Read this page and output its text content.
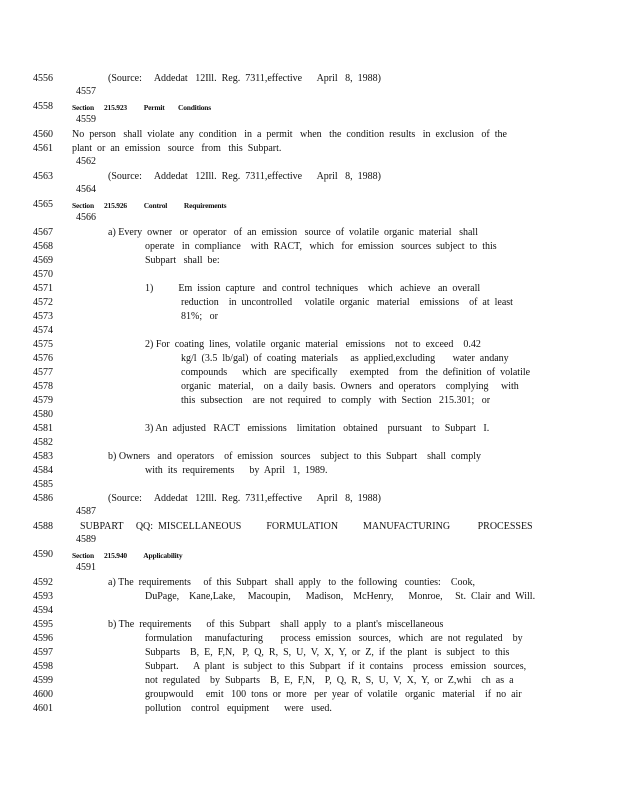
4556	(Source:     Addedat   12Ill.  Reg.  7311,effective      April   8,  1988)
4557
4558	Section      215.923          Permit        Conditions
4559
4560 No  person   shall  violate  any  condition   in  a  permit   when   the  condition  results   in  exclusion   of  the
4561 plant  or  an  emission   source   from   this  Subpart.
4562
4563	(Source:     Addedat   12Ill.  Reg.  7311,effective      April   8,  1988)
4564
4565	Section      215.926          Control          Requirements
4566
4567	a) Every  owner   or  operator   of  an  emission   source  of  volatile  organic  material   shall
4568	operate   in  compliance    with  RACT,   which   for  emission   sources  subject  to  this
4569	Subpart   shall  be:
4570
4571	1)          Em  ission  capture   and  control  techniques    which   achieve   an  overall
4572	reduction    in  uncontrolled     volatile  organic   material    emissions    of  at  least
4573	81%;   or
4574
4575	2) For  coating  lines,  volatile  organic  material   emissions    not  to  exceed    0.42
4576	kg/l  (3.5  lb/gal)  of  coating  materials     as  applied,excluding       water  andany
4577	compounds      which   are  specifically     exempted    from   the  definition  of  volatile
4578	organic   material,    on  a  daily  basis.  Owners   and  operators    complying     with
4579	this  subsection    are  not  required   to  comply   with  Section   215.301;   or
4580
4581	3) An  adjusted   RACT   emissions    limitation   obtained    pursuant    to  Subpart   I.
4582
4583	b) Owners   and  operators    of  emission   sources    subject  to  this  Subpart    shall  comply
4584	with  its  requirements      by  April   1,  1989.
4585
4586	(Source:     Addedat   12Ill.  Reg.  7311,effective      April   8,  1988)
4587
4588	SUBPART     QQ:  MISCELLANEOUS          FORMULATION          MANUFACTURING           PROCESSES
4589
4590	Section      215.940          Applicability
4591
4592	a) The  requirements     of  this  Subpart   shall  apply   to  the  following   counties:    Cook,
4593	DuPage,    Kane,Lake,     Macoupin,      Madison,    McHenry,      Monroe,     St.  Clair  and  Will.
4594
4595	b) The  requirements      of  this  Subpart    shall  apply   to  a  plant's  miscellaneous
4596	formulation     manufacturing       process  emission   sources,   which   are  not  regulated    by
4597	Subparts    B,  E,  F,N,   P,  Q,  R,  S,  U,  V,  X,  Y,  or  Z,  if  the  plant   is  subject   to  this
4598	Subpart.      A  plant   is  subject  to  this  Subpart   if  it  contains    process   emission   sources,
4599	not  regulated    by  Subparts    B,  E,  F,N,    P,  Q,  R,  S,  U,  V,  X,  Y,  or  Z,whi    ch  as  a
4600	groupwould     emit   100  tons  or  more   per  year  of  volatile   organic   material    if  no  air
4601	pollution    control   equipment      were   used.
